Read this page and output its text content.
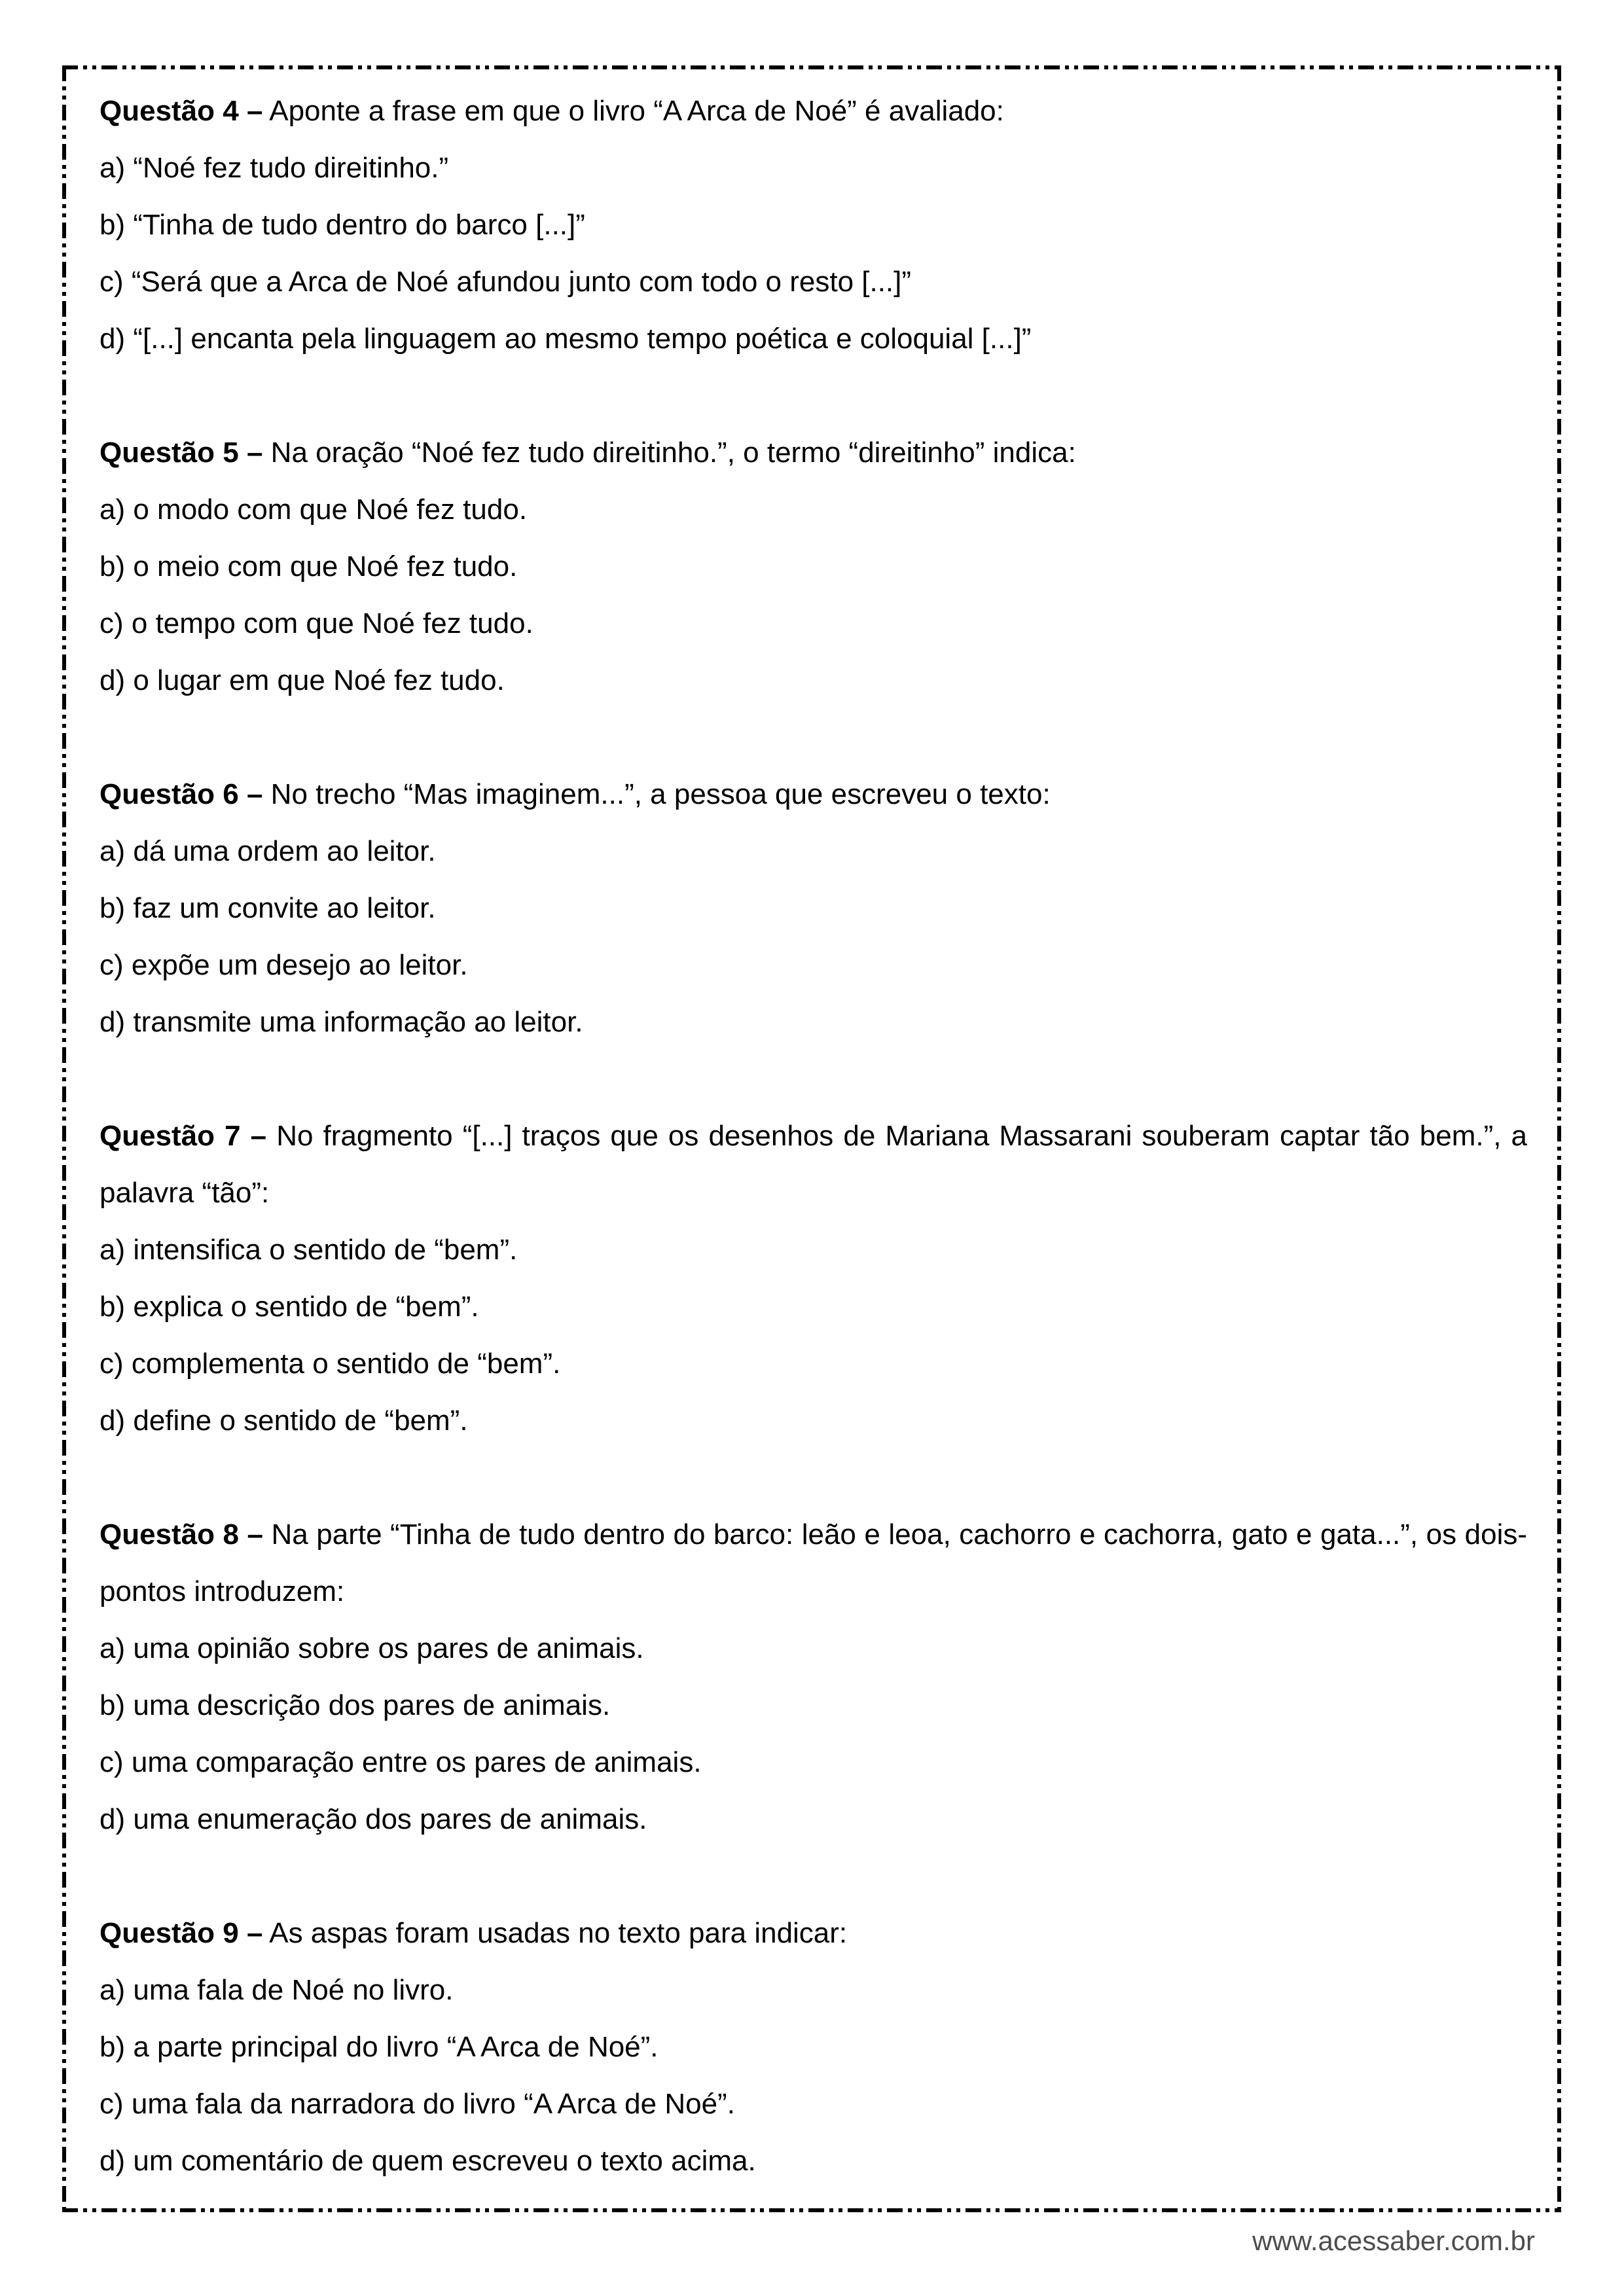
Questão 4 – Aponte a frase em que o livro “A Arca de Noé” é avaliado:

a) “Noé fez tudo direitinho.”

b) “Tinha de tudo dentro do barco [...]”

c) “Será que a Arca de Noé afundou junto com todo o resto [...]”

d) “[...] encanta pela linguagem ao mesmo tempo poética e coloquial [...]”

Questão 5 – Na oração “Noé fez tudo direitinho.”, o termo “direitinho” indica:

a) o modo com que Noé fez tudo.

b) o meio com que Noé fez tudo.

c) o tempo com que Noé fez tudo.

d) o lugar em que Noé fez tudo.

Questão 6 – No trecho “Mas imaginem...”, a pessoa que escreveu o texto:

a) dá uma ordem ao leitor.

b) faz um convite ao leitor.

c) expõe um desejo ao leitor.

d) transmite uma informação ao leitor.

Questão 7 – No fragmento “[...] traços que os desenhos de Mariana Massarani souberam captar tão bem.”, a palavra “tão”:

a) intensifica o sentido de “bem”.

b) explica o sentido de “bem”.

c) complementa o sentido de “bem”.

d) define o sentido de “bem”.

Questão 8 – Na parte “Tinha de tudo dentro do barco: leão e leoa, cachorro e cachorra, gato e gata...”, os dois-pontos introduzem:

a) uma opinião sobre os pares de animais.

b) uma descrição dos pares de animais.

c) uma comparação entre os pares de animais.

d) uma enumeração dos pares de animais.

Questão 9 – As aspas foram usadas no texto para indicar:

a) uma fala de Noé no livro.

b) a parte principal do livro “A Arca de Noé”.

c) uma fala da narradora do livro “A Arca de Noé”.

d) um comentário de quem escreveu o texto acima.

www.acessaber.com.br
